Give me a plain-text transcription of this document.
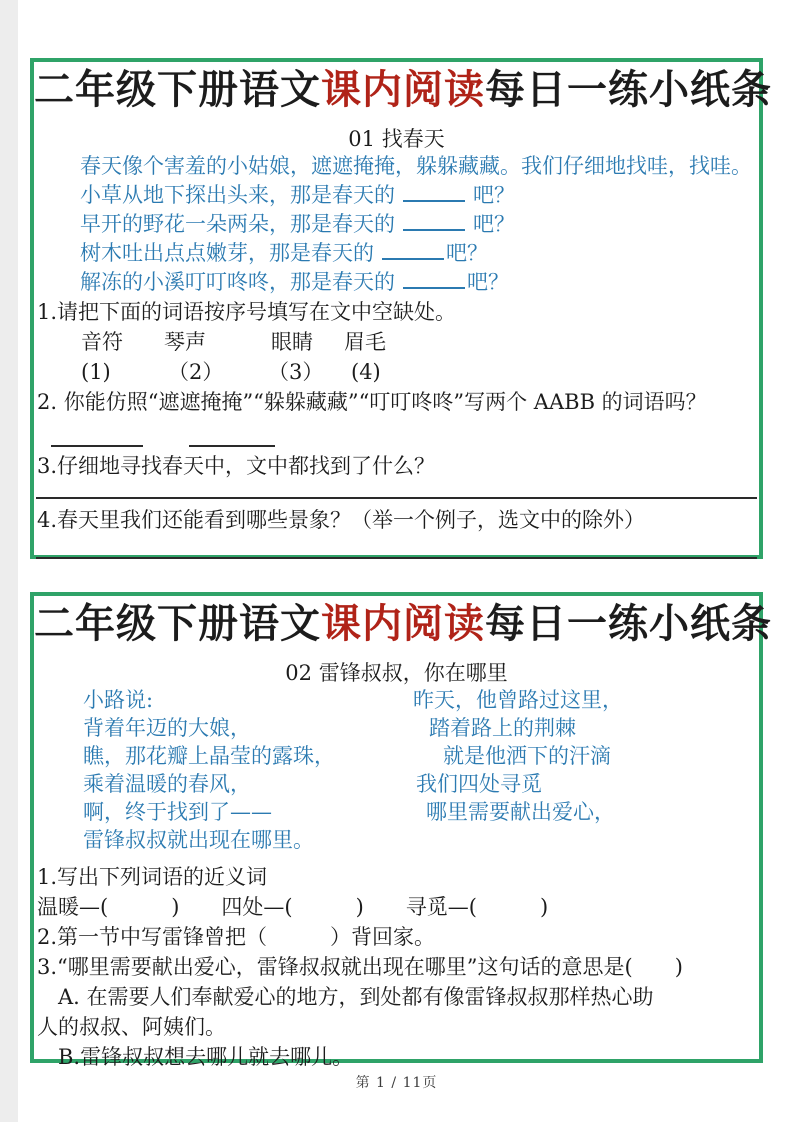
二年级下册语文课内阅读每日一练小纸条
01 找春天
春天像个害羞的小姑娘，遮遮掩掩，躲躲藏藏。我们仔细地找哇，找哇。
小草从地下探出头来，那是春天的	吧？
早开的野花一朵两朵，那是春天的	吧？
树木吐出点点嫩芽，那是春天的	吧？
解冻的小溪叮叮咚咚，那是春天的	吧？
1.请把下面的词语按序号填写在文中空缺处。
音符 琴声	眼睛 眉毛
(1)	（2） （3） (4)
2. 你能仿照“遮遮掩掩”“躲躲藏藏”“叮叮咚咚”写两个 AABB 的词语吗？
3.仔细地寻找春天中，文中都找到了什么？
4.春天里我们还能看到哪些景象？（举一个例子，选文中的除外）
二年级下册语文课内阅读每日一练小纸条
02 雷锋叔叔，你在哪里
小路说:	昨天，他曾路过这里，
背着年迈的大娘，	踏着路上的荆棘
瞧，那花瓣上晶莹的露珠，	就是他洒下的汗滴
乘着温暖的春风，	我们四处寻觅
啊，终于找到了——	哪里需要献出爱心，
雷锋叔叔就出现在哪里。
1.写出下列词语的近义词
温暖—(　　　)　　四处—(　　　)　　寻觅—(　　　)
2.第一节中写雷锋曾把（　　　）背回家。
3.“哪里需要献出爱心，雷锋叔叔就出现在哪里”这句话的意思是(　　)
A. 在需要人们奉献爱心的地方，到处都有像雷锋叔叔那样热心助
人的叔叔、阿姨们。
B.雷锋叔叔想去哪儿就去哪儿。
第 1 / 11页
